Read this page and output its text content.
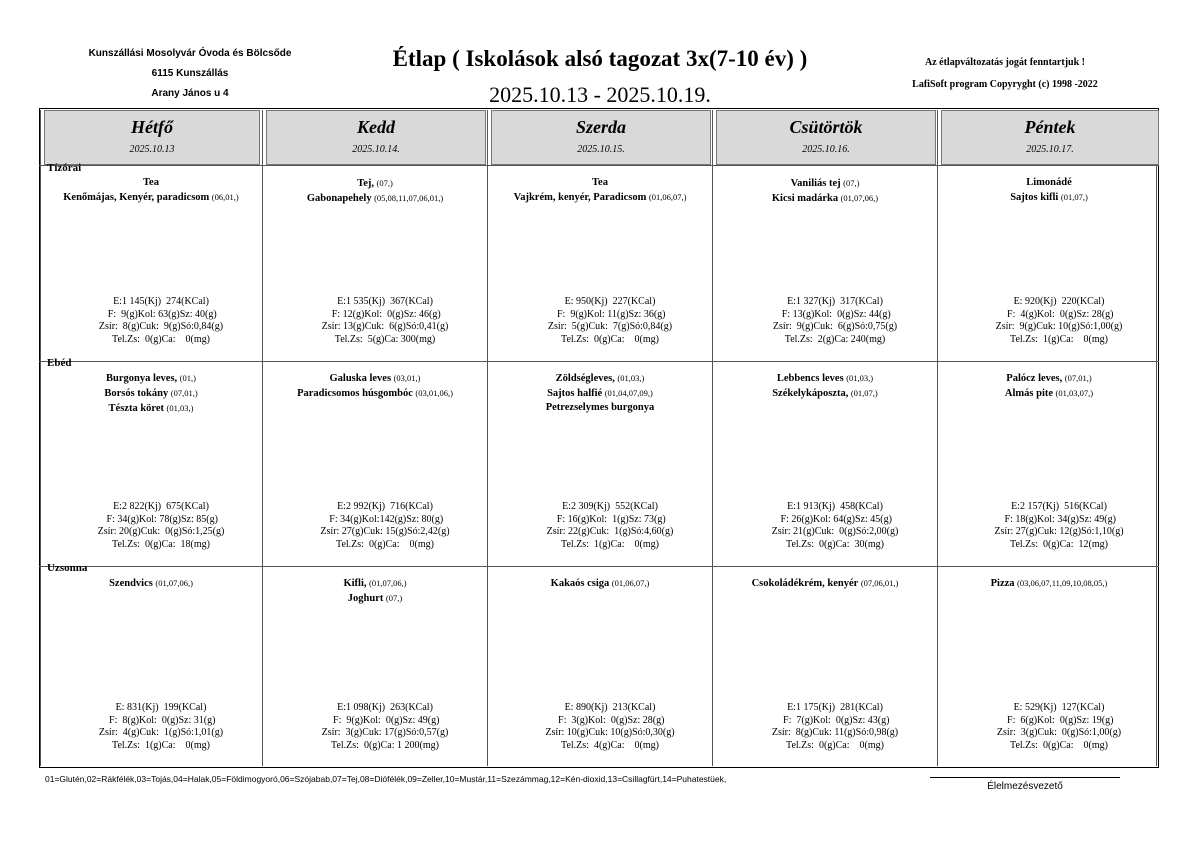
Kunszállási Mosolyvár Óvoda és Bölcsőde
6115 Kunszállás
Arany János u 4
Étlap ( Iskolások alsó tagozat 3x(7-10 év) )
2025.10.13 - 2025.10.19.
Az étlapváltozatás jogát fenntartjuk !
LafiSoft program Copyryght (c) 1998 -2022
Hétfő
2025.10.13
Kedd
2025.10.14.
Szerda
2025.10.15.
Csütörtök
2025.10.16.
Péntek
2025.10.17.
Tízórai
Tea
Kenőmájas, Kenyér, paradicsom (06,01,)
E:1 145(Kj)  274(KCal)
F:  9(g)Kol: 63(g)Sz: 40(g)
Zsír:  8(g)Cuk:  9(g)Só:0,84(g)
Tel.Zs:  0(g)Ca:    0(mg)
Tej, (07,)
Gabonapehely (05,08,11,07,06,01,)
E:1 535(Kj)  367(KCal)
F: 12(g)Kol:  0(g)Sz: 46(g)
Zsír: 13(g)Cuk:  6(g)Só:0,41(g)
Tel.Zs:  5(g)Ca: 300(mg)
Tea
Vajkrém, kenyér, Paradicsom (01,06,07,)
E: 950(Kj)  227(KCal)
F:  9(g)Kol: 11(g)Sz: 36(g)
Zsír:  5(g)Cuk:  7(g)Só:0,84(g)
Tel.Zs:  0(g)Ca:    0(mg)
Vaniliás tej (07,)
Kicsi madárka (01,07,06,)
E:1 327(Kj)  317(KCal)
F: 13(g)Kol:  0(g)Sz: 44(g)
Zsír:  9(g)Cuk:  6(g)Só:0,75(g)
Tel.Zs:  2(g)Ca: 240(mg)
Limonádé
Sajtos kifli (01,07,)
E: 920(Kj)  220(KCal)
F:  4(g)Kol:  0(g)Sz: 28(g)
Zsír:  9(g)Cuk: 10(g)Só:1,00(g)
Tel.Zs:  1(g)Ca:    0(mg)
Ebéd
Burgonya leves, (01,)
Borsós tokány (07,01,)
Tészta köret (01,03,)
E:2 822(Kj)  675(KCal)
F: 34(g)Kol: 78(g)Sz: 85(g)
Zsír: 20(g)Cuk:  0(g)Só:1,25(g)
Tel.Zs:  0(g)Ca:  18(mg)
Galuska leves (03,01,)
Paradicsomos húsgombóc (03,01,06,)
E:2 992(Kj)  716(KCal)
F: 34(g)Kol:142(g)Sz: 80(g)
Zsír: 27(g)Cuk: 15(g)Só:2,42(g)
Tel.Zs:  0(g)Ca:    0(mg)
Zöldségleves, (01,03,)
Sajtos halfié (01,04,07,09,)
Petrezselymes burgonya
E:2 309(Kj)  552(KCal)
F: 16(g)Kol:  1(g)Sz: 73(g)
Zsír: 22(g)Cuk:  1(g)Só:4,60(g)
Tel.Zs:  1(g)Ca:    0(mg)
Lebbencs leves (01,03,)
Székelykáposzta, (01,07,)
E:1 913(Kj)  458(KCal)
F: 26(g)Kol: 64(g)Sz: 45(g)
Zsír: 21(g)Cuk:  0(g)Só:2,00(g)
Tel.Zs:  0(g)Ca:  30(mg)
Palócz leves, (07,01,)
Almás pite (01,03,07,)
E:2 157(Kj)  516(KCal)
F: 18(g)Kol: 34(g)Sz: 49(g)
Zsír: 27(g)Cuk: 12(g)Só:1,10(g)
Tel.Zs:  0(g)Ca:  12(mg)
Uzsonna
Szendvics (01,07,06,)
E: 831(Kj)  199(KCal)
F:  8(g)Kol:  0(g)Sz: 31(g)
Zsír:  4(g)Cuk:  1(g)Só:1,01(g)
Tel.Zs:  1(g)Ca:    0(mg)
Kifli, (01,07,06,)
Joghurt (07,)
E:1 098(Kj)  263(KCal)
F:  9(g)Kol:  0(g)Sz: 49(g)
Zsír:  3(g)Cuk: 17(g)Só:0,57(g)
Tel.Zs:  0(g)Ca: 1 200(mg)
Kakaós csiga (01,06,07,)
E: 890(Kj)  213(KCal)
F:  3(g)Kol:  0(g)Sz: 28(g)
Zsír: 10(g)Cuk: 10(g)Só:0,30(g)
Tel.Zs:  4(g)Ca:    0(mg)
Csokoládékrém, kenyér (07,06,01,)
E:1 175(Kj)  281(KCal)
F:  7(g)Kol:  0(g)Sz: 43(g)
Zsír:  8(g)Cuk: 11(g)Só:0,98(g)
Tel.Zs:  0(g)Ca:    0(mg)
Pizza (03,06,07,11,09,10,08,05,)
E: 529(Kj)  127(KCal)
F:  6(g)Kol:  0(g)Sz: 19(g)
Zsír:  3(g)Cuk:  0(g)Só:1,00(g)
Tel.Zs:  0(g)Ca:    0(mg)
01=Glutén,02=Rákfélék,03=Tojás,04=Halak,05=Földimogyoró,06=Szójabab,07=Tej,08=Diófélék,09=Zeller,10=Mustár,11=Szezámmag,12=Kén-dioxid,13=Csillagfürt,14=Puhatestüek,
Élelmezésvezető
